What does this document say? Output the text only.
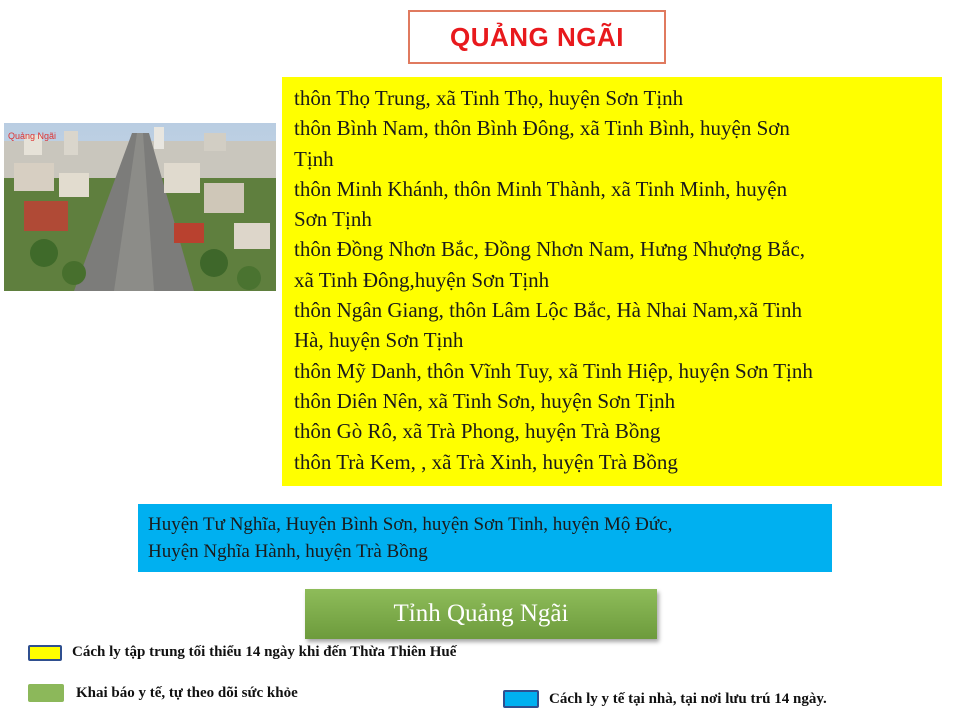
QUẢNG NGÃI
Quảng Ngãi
thôn Thọ Trung, xã Tinh Thọ, huyện Sơn Tịnh
thôn Bình Nam, thôn Bình Đông, xã Tinh Bình, huyện Sơn
Tịnh
thôn Minh Khánh, thôn Minh Thành, xã Tinh Minh, huyện
Sơn Tịnh
thôn Đồng Nhơn Bắc, Đồng Nhơn Nam, Hưng Nhượng Bắc,
xã Tinh Đông,huyện Sơn Tịnh
thôn Ngân Giang, thôn Lâm Lộc Bắc, Hà Nhai Nam,xã Tinh
Hà, huyện Sơn Tịnh
thôn Mỹ Danh, thôn Vĩnh Tuy, xã Tinh Hiệp, huyện Sơn Tịnh
thôn Diên Nên, xã Tinh Sơn, huyện Sơn Tịnh
thôn Gò Rô, xã Trà Phong, huyện Trà Bồng
thôn Trà Kem, , xã Trà Xinh, huyện Trà Bồng
Huyện Tư Nghĩa, Huyện Bình Sơn, huyện Sơn Tinh, huyện Mộ Đức,
Huyện Nghĩa Hành, huyện Trà Bồng
Tỉnh Quảng Ngãi
Cách ly tập trung tối thiểu 14 ngày khi đến Thừa Thiên Huế
Khai báo y tế, tự theo dõi sức khỏe	Cách ly y tế tại nhà, tại nơi lưu trú 14 ngày.
